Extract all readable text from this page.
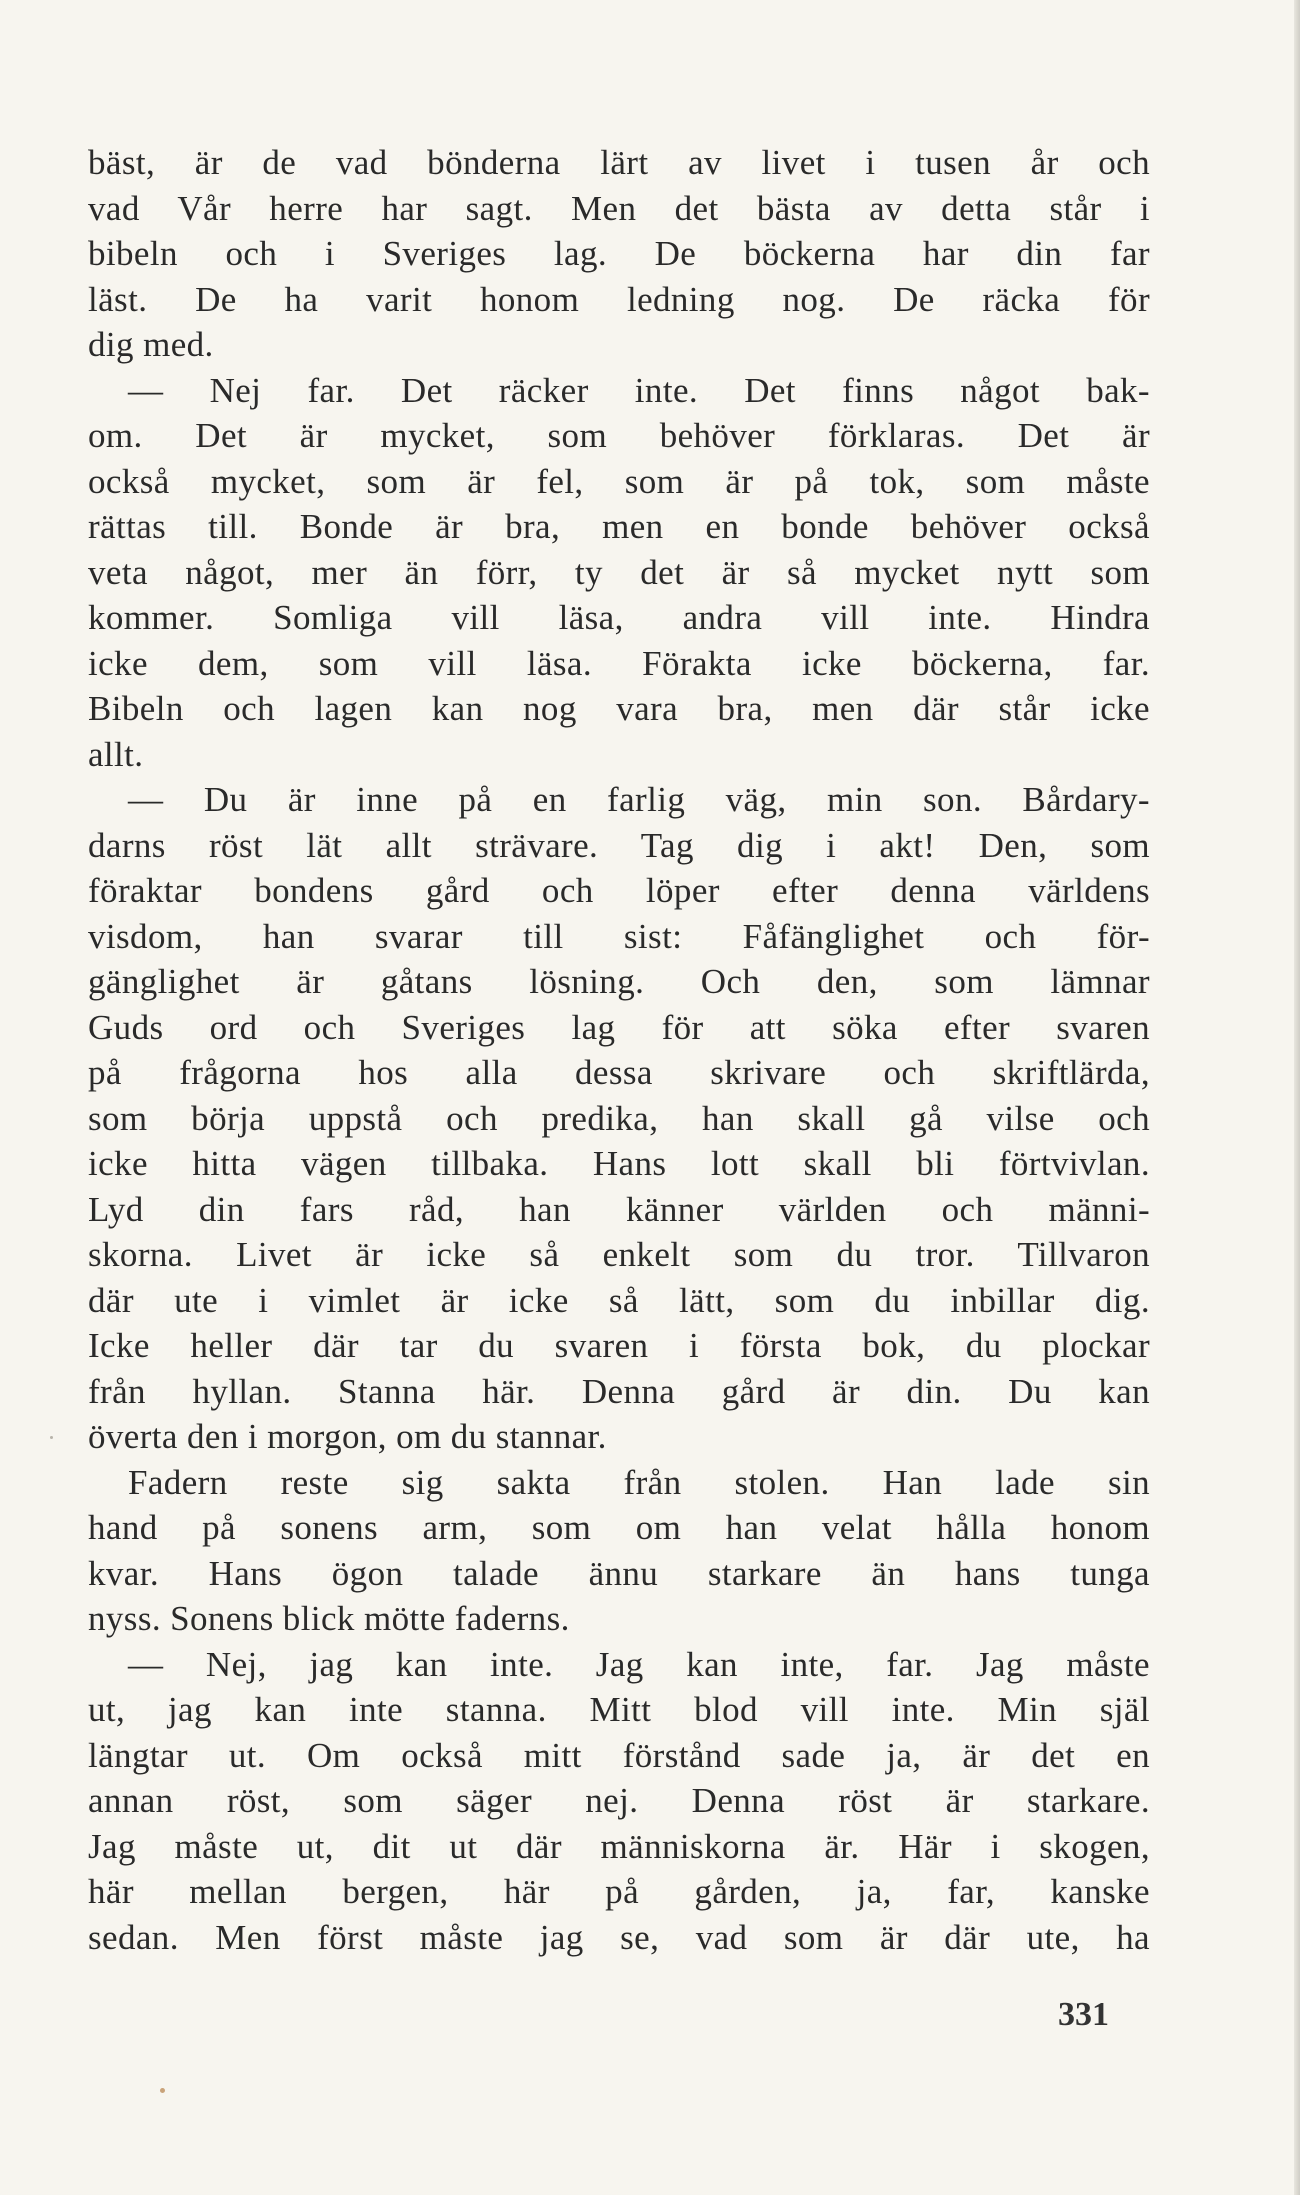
bäst, är de vad bönderna lärt av livet i tusen år och
vad Vår herre har sagt. Men det bästa av detta står i
bibeln och i Sveriges lag. De böckerna har din far
läst. De ha varit honom ledning nog. De räcka för
dig med.
— Nej far. Det räcker inte. Det finns något bak-
om. Det är mycket, som behöver förklaras. Det är
också mycket, som är fel, som är på tok, som måste
rättas till. Bonde är bra, men en bonde behöver också
veta något, mer än förr, ty det är så mycket nytt som
kommer. Somliga vill läsa, andra vill inte. Hindra
icke dem, som vill läsa. Förakta icke böckerna, far.
Bibeln och lagen kan nog vara bra, men där står icke
allt.
— Du är inne på en farlig väg, min son. Bårdary-
darns röst lät allt strävare. Tag dig i akt! Den, som
föraktar bondens gård och löper efter denna världens
visdom, han svarar till sist: Fåfänglighet och för-
gänglighet är gåtans lösning. Och den, som lämnar
Guds ord och Sveriges lag för att söka efter svaren
på frågorna hos alla dessa skrivare och skriftlärda,
som börja uppstå och predika, han skall gå vilse och
icke hitta vägen tillbaka. Hans lott skall bli förtvivlan.
Lyd din fars råd, han känner världen och männi-
skorna. Livet är icke så enkelt som du tror. Tillvaron
där ute i vimlet är icke så lätt, som du inbillar dig.
Icke heller där tar du svaren i första bok, du plockar
från hyllan. Stanna här. Denna gård är din. Du kan
överta den i morgon, om du stannar.
Fadern reste sig sakta från stolen. Han lade sin
hand på sonens arm, som om han velat hålla honom
kvar. Hans ögon talade ännu starkare än hans tunga
nyss. Sonens blick mötte faderns.
— Nej, jag kan inte. Jag kan inte, far. Jag måste
ut, jag kan inte stanna. Mitt blod vill inte. Min själ
längtar ut. Om också mitt förstånd sade ja, är det en
annan röst, som säger nej. Denna röst är starkare.
Jag måste ut, dit ut där människorna är. Här i skogen,
här mellan bergen, här på gården, ja, far, kanske
sedan. Men först måste jag se, vad som är där ute, ha
331
